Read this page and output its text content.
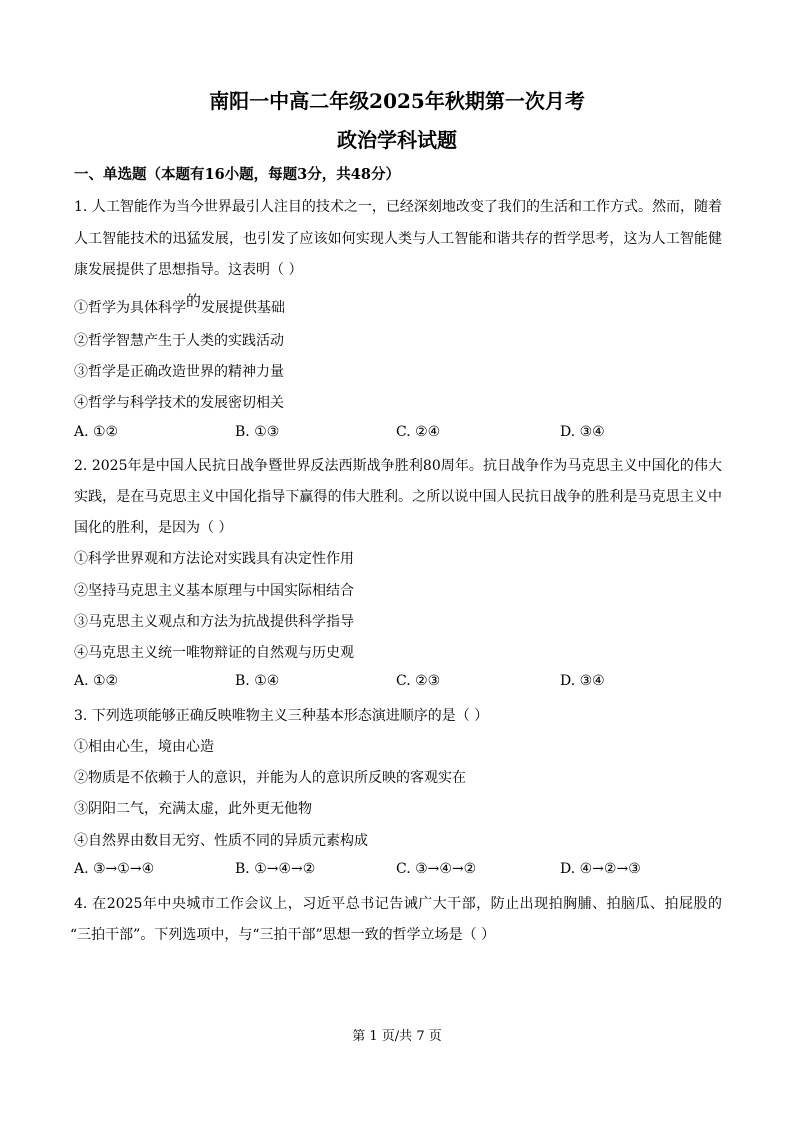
南阳一中高二年级2025年秋期第一次月考
政治学科试题
一、单选题（本题有16小题，每题3分，共48分）
1. 人工智能作为当今世界最引人注目的技术之一，已经深刻地改变了我们的生活和工作方式。然而，随着
人工智能技术的迅猛发展，也引发了应该如何实现人类与人工智能和谐共存的哲学思考，这为人工智能健
康发展提供了思想指导。这表明（ ）
①哲学为具体科学的发展提供基础
②哲学智慧产生于人类的实践活动
③哲学是正确改造世界的精神力量
④哲学与科学技术的发展密切相关
A. ①②	B. ①③	C. ②④	D. ③④
2. 2025年是中国人民抗日战争暨世界反法西斯战争胜利80周年。抗日战争作为马克思主义中国化的伟大
实践，是在马克思主义中国化指导下赢得的伟大胜利。之所以说中国人民抗日战争的胜利是马克思主义中
国化的胜利，是因为（ ）
①科学世界观和方法论对实践具有决定性作用
②坚持马克思主义基本原理与中国实际相结合
③马克思主义观点和方法为抗战提供科学指导
④马克思主义统一唯物辩证的自然观与历史观
A. ①②	B. ①④	C. ②③	D. ③④
3. 下列选项能够正确反映唯物主义三种基本形态演进顺序的是（ ）
①相由心生，境由心造
②物质是不依赖于人的意识，并能为人的意识所反映的客观实在
③阴阳二气，充满太虚，此外更无他物
④自然界由数目无穷、性质不同的异质元素构成
A. ③→①→④	B. ①→④→②	C. ③→④→②	D. ④→②→③
4. 在2025年中央城市工作会议上，习近平总书记告诫广大干部，防止出现拍胸脯、拍脑瓜、拍屁股的
“三拍干部”。下列选项中，与“三拍干部”思想一致的哲学立场是（ ）
第 1 页/共 7 页
